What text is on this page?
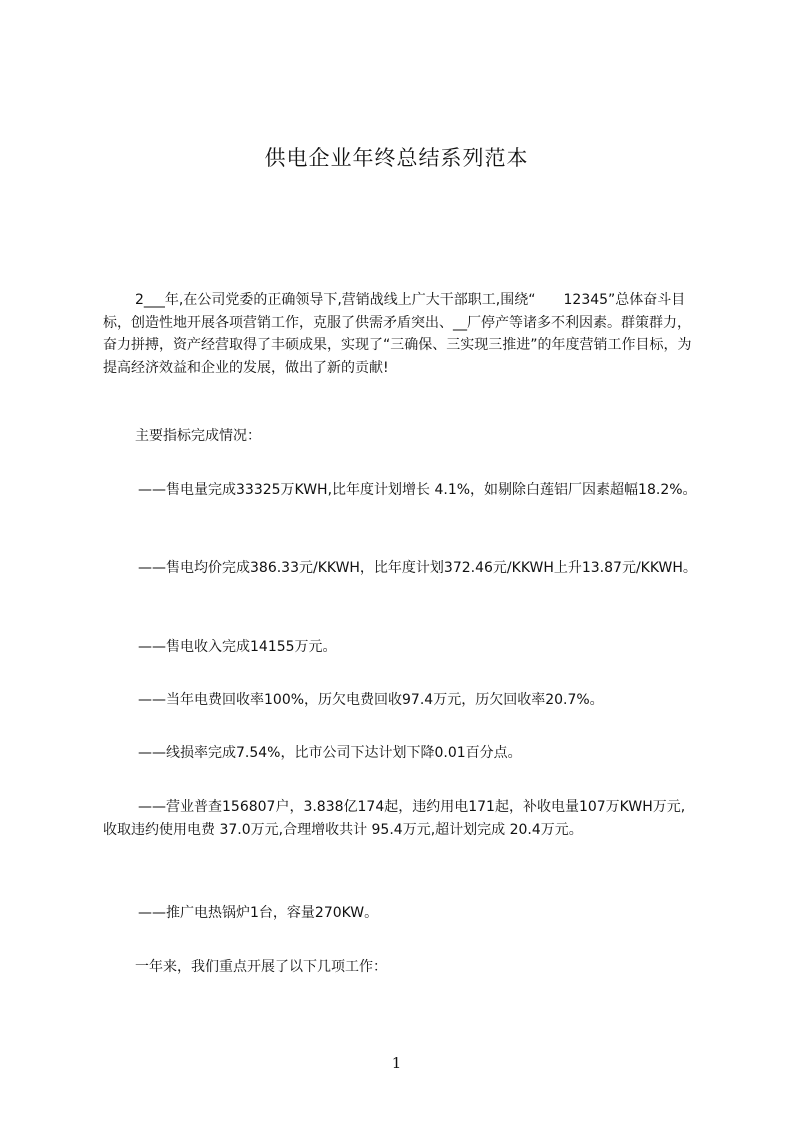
供电企业年终总结系列范本

2___年,在公司党委的正确领导下,营销战线上广大干部职工,围绕“　　12345”总体奋斗目标，创造性地开展各项营销工作，克服了供需矛盾突出、__厂停产等诸多不利因素。群策群力，奋力拼搏，资产经营取得了丰硕成果，实现了“三确保、三实现三推进”的年度营销工作目标，为提高经济效益和企业的发展，做出了新的贡献!

主要指标完成情况：

——售电量完成33325万KWH,比年度计划增长 4.1%，如剔除白莲铝厂因素超幅18.2%。

——售电均价完成386.33元/KKWH，比年度计划372.46元/KKWH上升13.87元/KKWH。

——售电收入完成14155万元。

——当年电费回收率100%，历欠电费回收97.4万元，历欠回收率20.7%。

——线损率完成7.54%，比市公司下达计划下降0.01百分点。

——营业普查156807户，3.838亿174起，违约用电171起，补收电量107万KWH万元,收取违约使用电费 37.0万元,合理增收共计 95.4万元,超计划完成 20.4万元。

——推广电热锅炉1台，容量270KW。

一年来，我们重点开展了以下几项工作：

1
